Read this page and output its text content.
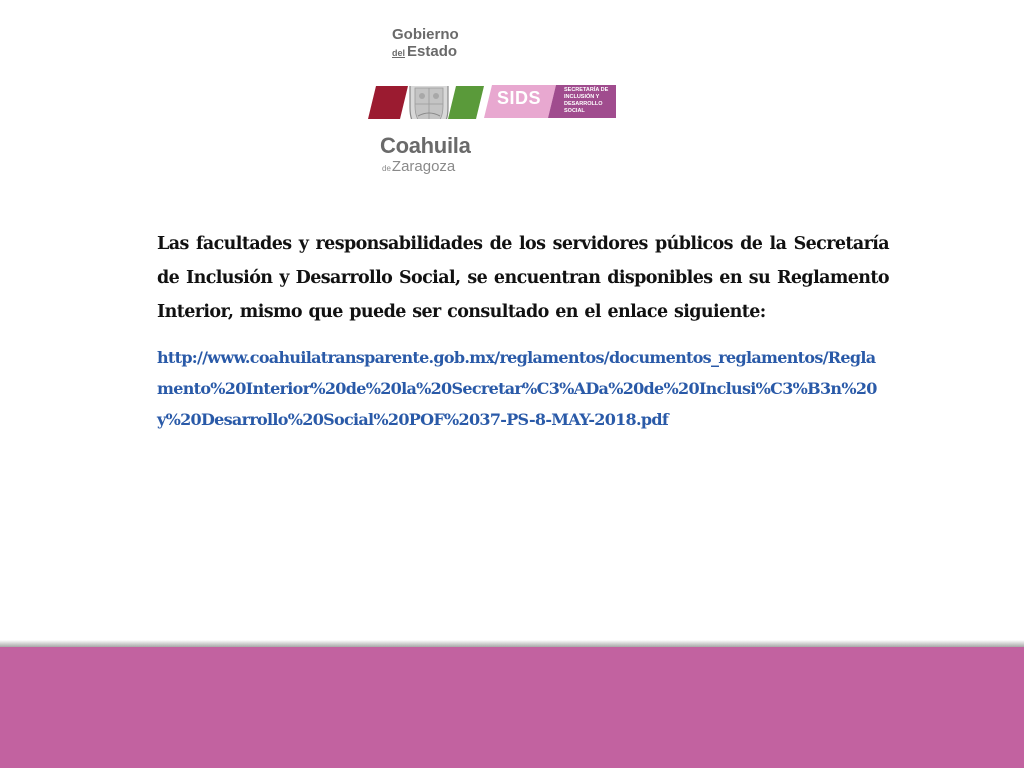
Gobierno
del Estado
SIDS	SECRETARÍA DE INCLUSIÓN Y DESARROLLO SOCIAL
Coahuila
deZaragoza

Las facultades y responsabilidades de los servidores públicos de la Secretaría de Inclusión y Desarrollo Social, se encuentran disponibles en su Reglamento Interior, mismo que puede ser consultado en el enlace siguiente:

http://www.coahuilatransparente.gob.mx/reglamentos/documentos_reglamentos/Reglamento%20Interior%20de%20la%20Secretar%C3%ADa%20de%20Inclusi%C3%B3n%20y%20Desarrollo%20Social%20POF%2037-PS-8-MAY-2018.pdf
